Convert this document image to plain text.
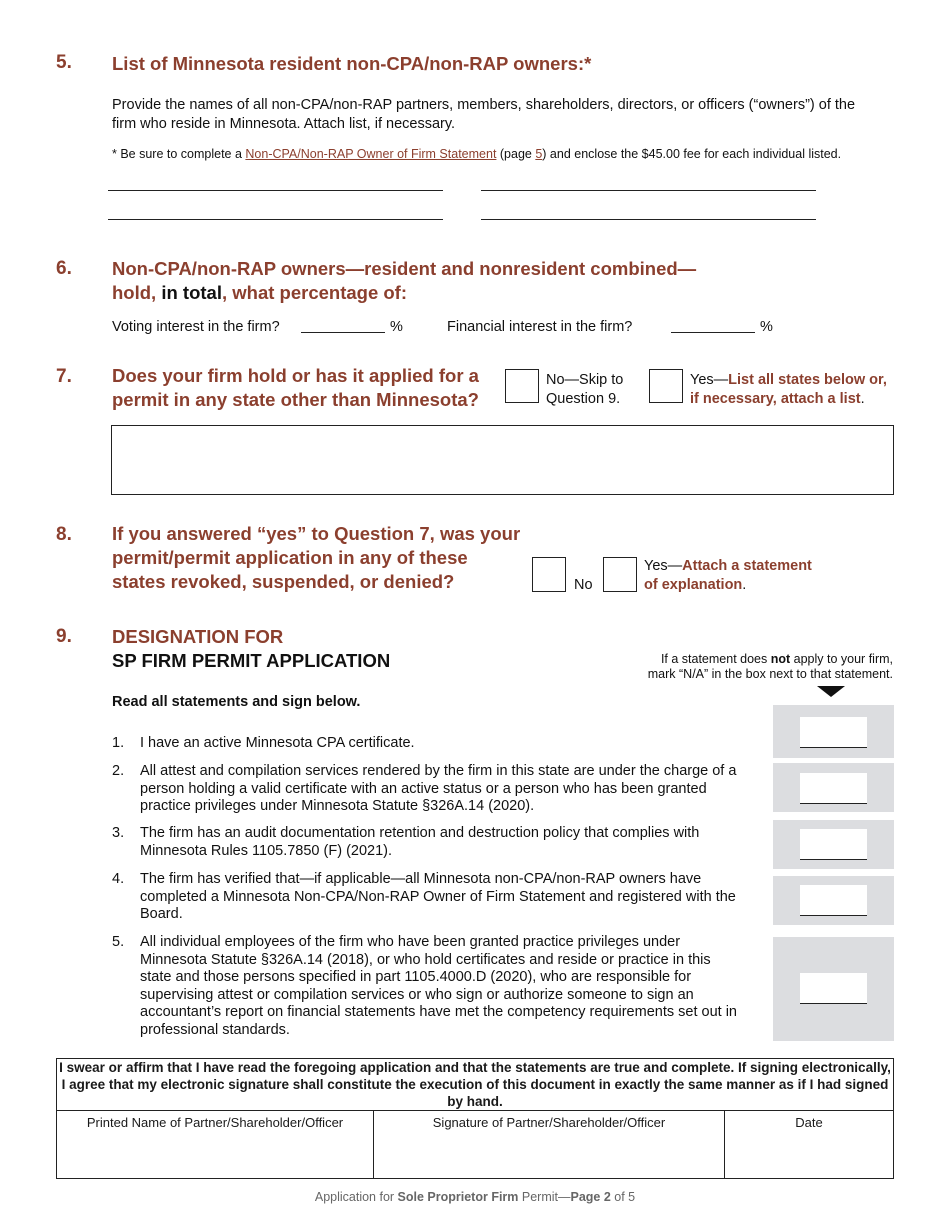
5. List of Minnesota resident non-CPA/non-RAP owners:*
Provide the names of all non-CPA/non-RAP partners, members, shareholders, directors, or officers (“owners”) of the firm who reside in Minnesota. Attach list, if necessary.
* Be sure to complete a Non-CPA/Non-RAP Owner of Firm Statement (page 5) and enclose the $45.00 fee for each individual listed.
6. Non-CPA/non-RAP owners—resident and nonresident combined—
hold, in total, what percentage of:
Voting interest in the firm?	%	Financial interest in the firm?	%
7. Does your firm hold or has it applied for a
permit in any state other than Minnesota?
No—Skip to
Question 9.
Yes—List all states below or,
if necessary, attach a list.
8. If you answered “yes” to Question 7, was your
permit/permit application in any of these
states revoked, suspended, or denied?	No
Yes—Attach a statement
of explanation.
9. DESIGNATION FOR
SP FIRM PERMIT APPLICATION	If a statement does not apply to your firm,
mark “N/A” in the box next to that statement.
Read all statements and sign below.
1. I have an active Minnesota CPA certificate.
2. All attest and compilation services rendered by the firm in this state are under the charge of a person holding a valid certificate with an active status or a person who has been granted practice privileges under Minnesota Statute §326A.14 (2020).
3. The firm has an audit documentation retention and destruction policy that complies with Minnesota Rules 1105.7850 (F) (2021).
4. The firm has verified that—if applicable—all Minnesota non-CPA/non-RAP owners have completed a Minnesota Non-CPA/Non-RAP Owner of Firm Statement and registered with the Board.
5. All individual employees of the firm who have been granted practice privileges under Minnesota Statute §326A.14 (2018), or who hold certificates and reside or practice in this state and those persons specified in part 1105.4000.D (2020), who are responsible for supervising attest or compilation services or who sign or authorize someone to sign an accountant’s report on financial statements have met the competency requirements set out in professional standards.
I swear or affirm that I have read the foregoing application and that the statements are true and complete. If signing electronically, I agree that my electronic signature shall constitute the execution of this document in exactly the same manner as if I had signed by hand.
Printed Name of Partner/Shareholder/Officer	Signature of Partner/Shareholder/Officer	Date
Application for Sole Proprietor Firm Permit—Page 2 of 5
